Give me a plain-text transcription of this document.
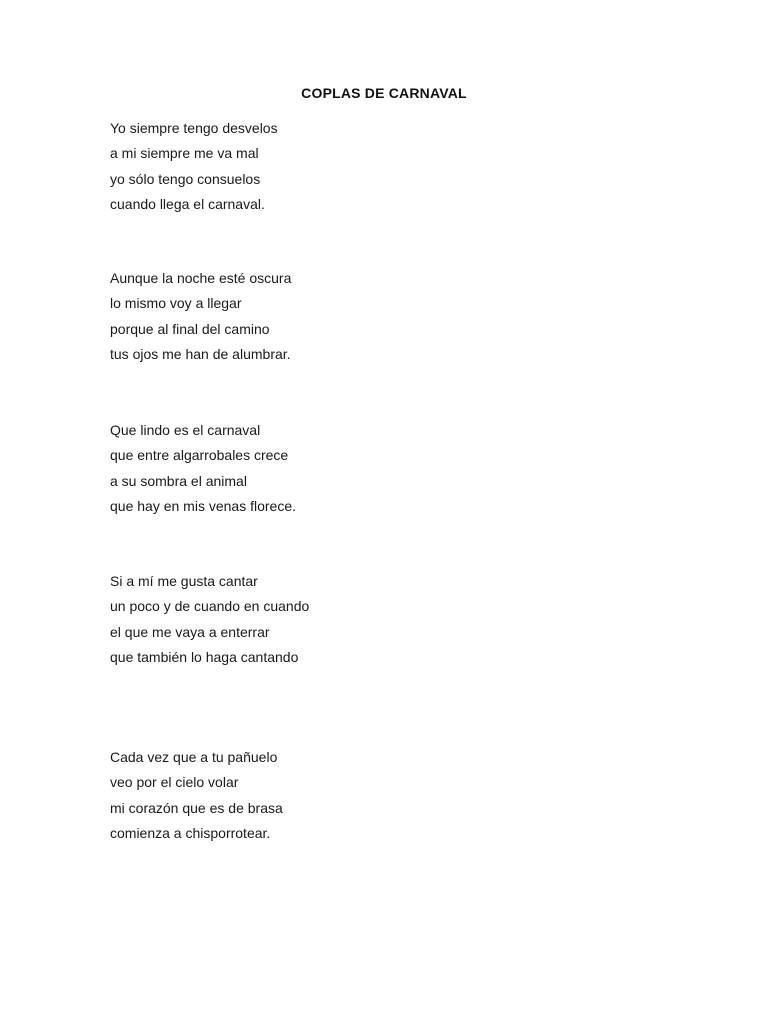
COPLAS DE CARNAVAL
Yo siempre tengo desvelos
a mi siempre me va mal
yo sólo tengo consuelos
cuando llega el carnaval.
Aunque la noche esté oscura
lo mismo voy a llegar
porque al final del camino
tus ojos me han de alumbrar.
Que lindo es el carnaval
que entre algarrobales crece
a su sombra el animal
que hay en mis venas florece.
Si a mí me gusta cantar
un poco y de cuando en cuando
el que me vaya a enterrar
que también lo haga cantando
Cada vez que a tu pañuelo
veo por el cielo volar
mi corazón que es de brasa
comienza a chisporrotear.
